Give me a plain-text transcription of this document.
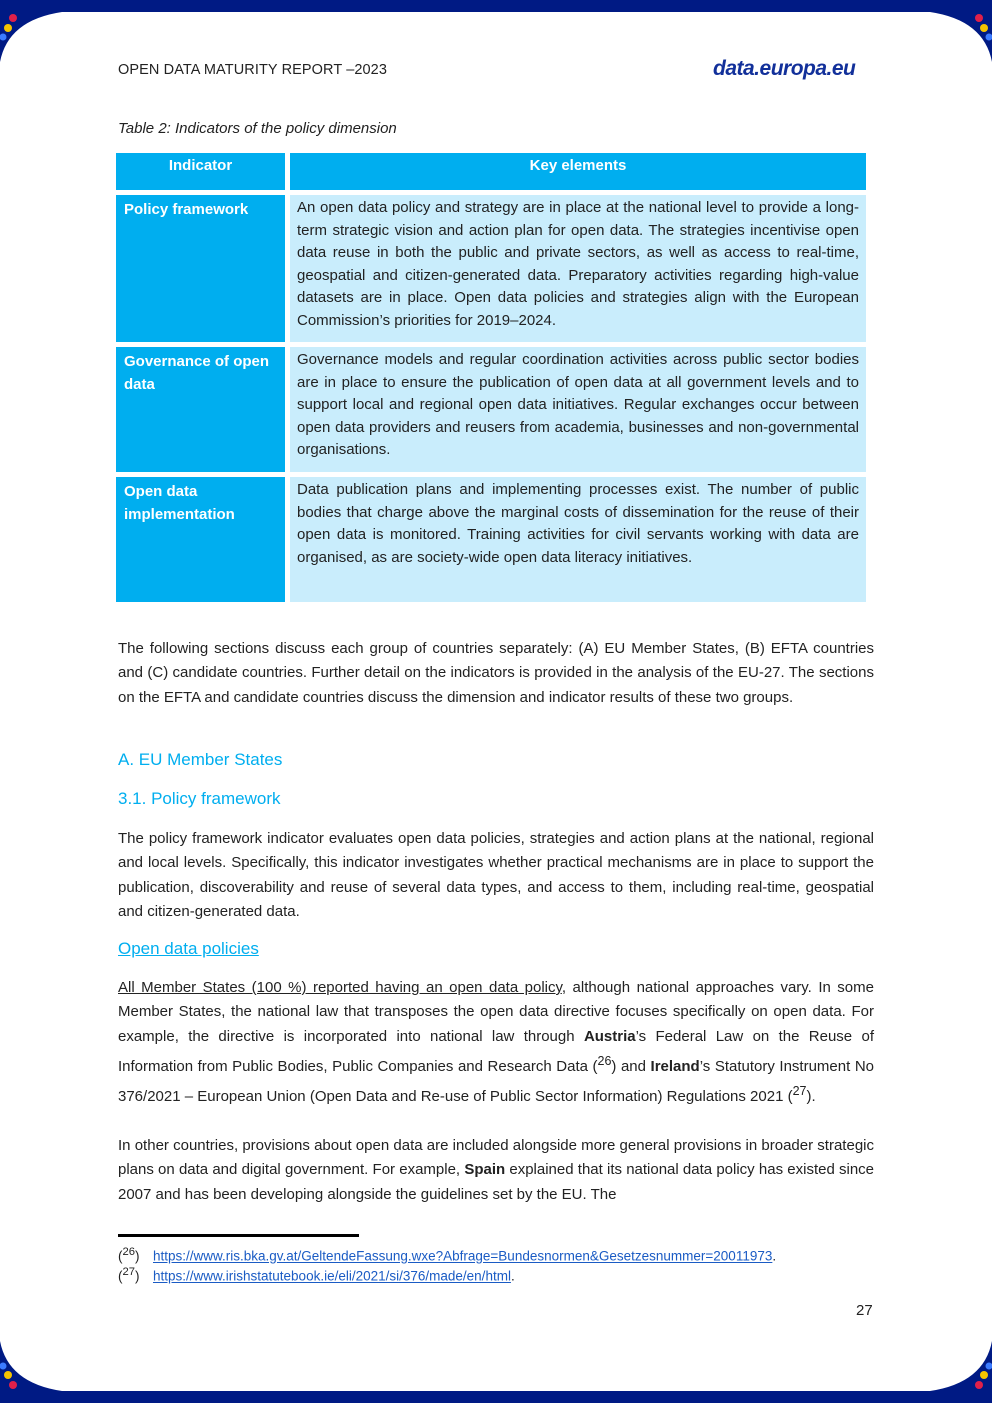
OPEN DATA MATURITY REPORT –2023	data.europa.eu
Table 2: Indicators of the policy dimension
Indicator	Key elements
Policy framework	An open data policy and strategy are in place at the national level to provide a long-term strategic vision and action plan for open data. The strategies incentivise open data reuse in both the public and private sectors, as well as access to real-time, geospatial and citizen-generated data. Preparatory activities regarding high-value datasets are in place. Open data policies and strategies align with the European Commission’s priorities for 2019–2024.
Governance of open data	Governance models and regular coordination activities across public sector bodies are in place to ensure the publication of open data at all government levels and to support local and regional open data initiatives. Regular exchanges occur between open data providers and reusers from academia, businesses and non-governmental organisations.
Open data implementation	Data publication plans and implementing processes exist. The number of public bodies that charge above the marginal costs of dissemination for the reuse of their open data is monitored. Training activities for civil servants working with data are organised, as are society-wide open data literacy initiatives.
The following sections discuss each group of countries separately: (A) EU Member States, (B) EFTA countries and (C) candidate countries. Further detail on the indicators is provided in the analysis of the EU-27. The sections on the EFTA and candidate countries discuss the dimension and indicator results of these two groups.
A. EU Member States
3.1. Policy framework
The policy framework indicator evaluates open data policies, strategies and action plans at the national, regional and local levels. Specifically, this indicator investigates whether practical mechanisms are in place to support the publication, discoverability and reuse of several data types, and access to them, including real-time, geospatial and citizen-generated data.
Open data policies
All Member States (100 %) reported having an open data policy, although national approaches vary. In some Member States, the national law that transposes the open data directive focuses specifically on open data. For example, the directive is incorporated into national law through Austria’s Federal Law on the Reuse of Information from Public Bodies, Public Companies and Research Data ($^{26}$) and Ireland’s Statutory Instrument No 376/2021 – European Union (Open Data and Re-use of Public Sector Information) Regulations 2021 ($^{27}$).
In other countries, provisions about open data are included alongside more general provisions in broader strategic plans on data and digital government. For example, Spain explained that its national data policy has existed since 2007 and has been developing alongside the guidelines set by the EU. The
($^{26}$) https://www.ris.bka.gv.at/GeltendeFassung.wxe?Abfrage=Bundesnormen&Gesetzesnummer=20011973.
($^{27}$) https://www.irishstatutebook.ie/eli/2021/si/376/made/en/html.
27
